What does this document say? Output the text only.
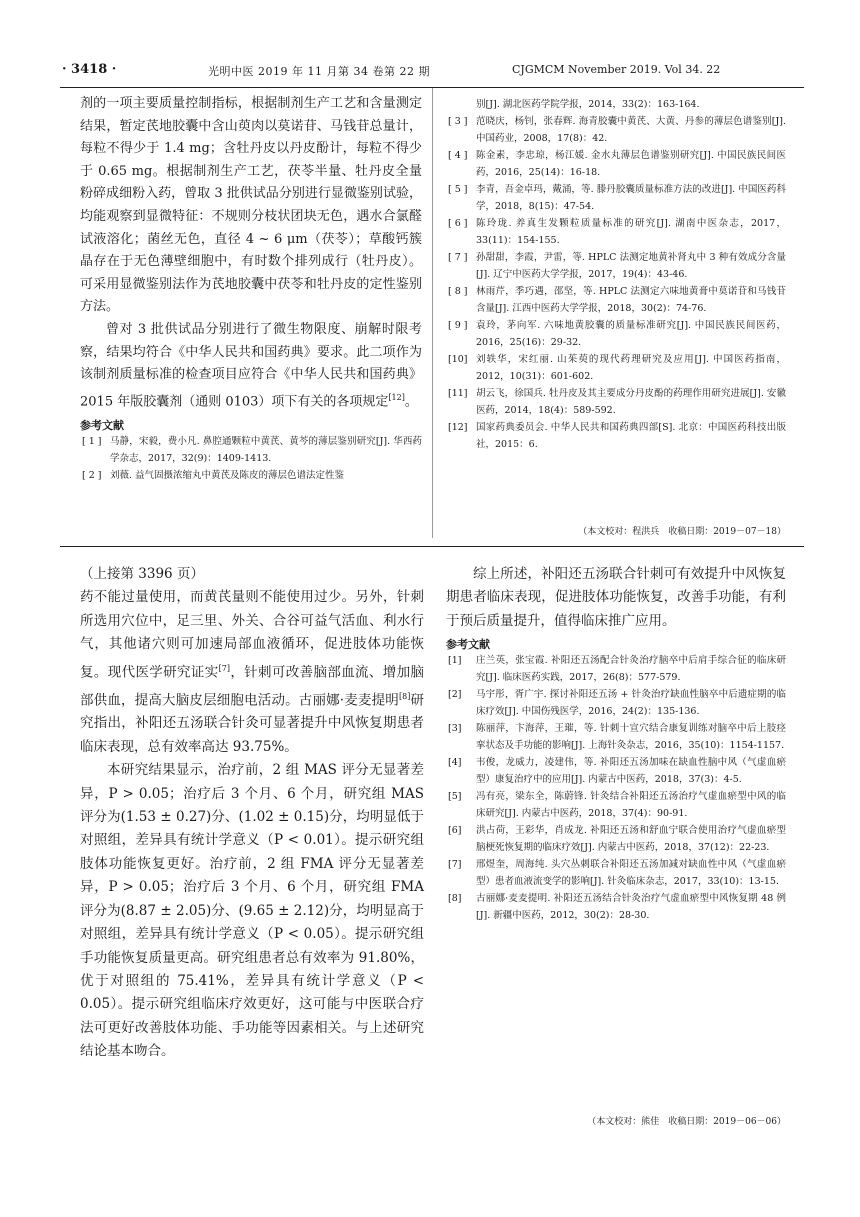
· 3418 ·	光明中医 2019 年 11 月第 34 卷第 22 期	CJGMCM November 2019. Vol 34. 22

剂的一项主要质量控制指标，根据制剂生产工艺和含量测定结果，暂定芪地胶囊中含山萸肉以莫诺苷、马钱苷总量计，每粒不得少于 1.4 mg；含牡丹皮以丹皮酚计，每粒不得少于 0.65 mg。根据制剂生产工艺，茯苓半量、牡丹皮全量粉碎成细粉入药，曾取 3 批供试品分别进行显微鉴别试验，均能观察到显微特征：不规则分枝状团块无色，遇水合氯醛试液溶化；菌丝无色，直径 4 ~ 6 μm（茯苓）；草酸钙簇晶存在于无色薄壁细胞中，有时数个排列成行（牡丹皮）。可采用显微鉴别法作为芪地胶囊中茯苓和牡丹皮的定性鉴别方法。

曾对 3 批供试品分别进行了微生物限度、崩解时限考察，结果均符合《中华人民共和国药典》要求。此二项作为该制剂质量标准的检查项目应符合《中华人民共和国药典》2015 年版胶囊剂（通则 0103）项下有关的各项规定[12]。

参考文献
[ 1 ] 马静，宋毅，费小凡. 鼻腔通颗粒中黄芪、黄芩的薄层鉴别研究[J]. 华西药学杂志，2017，32(9)：1409-1413.
[ 2 ] 刘薇. 益气固摄浓缩丸中黄芪及陈皮的薄层色谱法定性鉴
别[J]. 湖北医药学院学报，2014，33(2)：163-164.
[ 3 ] 范晓庆，杨钊，张春辉. 海青胶囊中黄芪、大黄、丹参的薄层色谱鉴别[J]. 中国药业，2008，17(8)：42.
[ 4 ] 陈金素，李忠琼，杨江媛. 金水丸薄层色谱鉴别研究[J]. 中国民族民间医药，2016，25(14)：16-18.
[ 5 ] 李青，吾金卓玛，戴涌，等. 滕丹胶囊质量标准方法的改进[J]. 中国医药科学，2018，8(15)：47-54.
[ 6 ] 陈玲珑. 养真生发颗粒质量标准的研究[J]. 湖南中医杂志，2017，33(11)：154-155.
[ 7 ] 孙甜甜，李霞，尹雷，等. HPLC 法测定地黄补肾丸中 3 种有效成分含量[J]. 辽宁中医药大学学报，2017，19(4)：43-46.
[ 8 ] 林雨芹，季巧遇，邵坚，等. HPLC 法测定六味地黄膏中莫诺苷和马钱苷含量[J]. 江西中医药大学学报，2018，30(2)：74-76.
[ 9 ] 袁玲，茅向军. 六味地黄胶囊的质量标准研究[J]. 中国民族民间医药，2016，25(16)：29-32.
[10] 刘轶华，宋红丽. 山茱萸的现代药理研究及应用[J]. 中国医药指南，2012，10(31)：601-602.
[11] 胡云飞，徐国兵. 牡丹皮及其主要成分丹皮酚的药理作用研究进展[J]. 安徽医药，2014，18(4)：589-592.
[12] 国家药典委员会. 中华人民共和国药典四部[S]. 北京：中国医药科技出版社，2015：6.
（本文校对：程洪兵　收稿日期：2019－07－18）

（上接第 3396 页）

药不能过量使用，而黄芪量则不能使用过少。另外，针刺所选用穴位中，足三里、外关、合谷可益气活血、利水行气，其他诸穴则可加速局部血液循环，促进肢体功能恢复。现代医学研究证实[7]，针刺可改善脑部血流、增加脑部供血，提高大脑皮层细胞电活动。古丽娜·麦麦提明[8]研究指出，补阳还五汤联合针灸可显著提升中风恢复期患者临床表现，总有效率高达 93.75%。

本研究结果显示，治疗前，2 组 MAS 评分无显著差异，P > 0.05；治疗后 3 个月、6 个月，研究组 MAS 评分为(1.53 ± 0.27)分、(1.02 ± 0.15)分，均明显低于对照组，差异具有统计学意义（P < 0.01）。提示研究组肢体功能恢复更好。治疗前，2 组 FMA 评分无显著差异，P > 0.05；治疗后 3 个月、6 个月，研究组 FMA 评分为(8.87 ± 2.05)分、(9.65 ± 2.12)分，均明显高于对照组，差异具有统计学意义（P < 0.05）。提示研究组手功能恢复质量更高。研究组患者总有效率为 91.80%，优于对照组的 75.41%，差异具有统计学意义（P < 0.05）。提示研究组临床疗效更好，这可能与中医联合疗法可更好改善肢体功能、手功能等因素相关。与上述研究结论基本吻合。

综上所述，补阳还五汤联合针刺可有效提升中风恢复期患者临床表现，促进肢体功能恢复，改善手功能，有利于预后质量提升，值得临床推广应用。

参考文献
[1]	庄兰英，张宝霞. 补阳还五汤配合针灸治疗脑卒中后肩手综合征的临床研究[J]. 临床医药实践，2017，26(8)：577-579.
[2]	马宇彤，胥广宇. 探讨补阳还五汤 + 针灸治疗缺血性脑卒中后遗症期的临床疗效[J]. 中国伤残医学，2016，24(2)：135-136.
[3]	陈丽萍，卞海萍，王璀，等. 针刺十宣穴结合康复训练对脑卒中后上肢痉挛状态及手功能的影响[J]. 上海针灸杂志，2016，35(10)：1154-1157.
[4]	韦俊，龙威力，凌建伟，等. 补阳还五汤加味在缺血性脑中风（气虚血瘀型）康复治疗中的应用[J]. 内蒙古中医药，2018，37(3)：4-5.
[5]	冯有亮，梁东全，陈蔚锋. 针灸结合补阳还五汤治疗气虚血瘀型中风的临床研究[J]. 内蒙古中医药，2018，37(4)：90-91.
[6]	洪占荷，王彩华，肖成龙. 补阳还五汤和舒血宁联合使用治疗气虚血瘀型脑梗死恢复期的临床疗效[J]. 内蒙古中医药，2018，37(12)：22-23.
[7]	邢煜奎，周海纯. 头穴丛刺联合补阳还五汤加减对缺血性中风（气虚血瘀型）患者血液流变学的影响[J]. 针灸临床杂志，2017，33(10)：13-15.
[8]	古丽娜·麦麦提明. 补阳还五汤结合针灸治疗气虚血瘀型中风恢复期 48 例[J]. 新疆中医药，2012，30(2)：28-30.
（本文校对：熊佳　收稿日期：2019－06－06）
